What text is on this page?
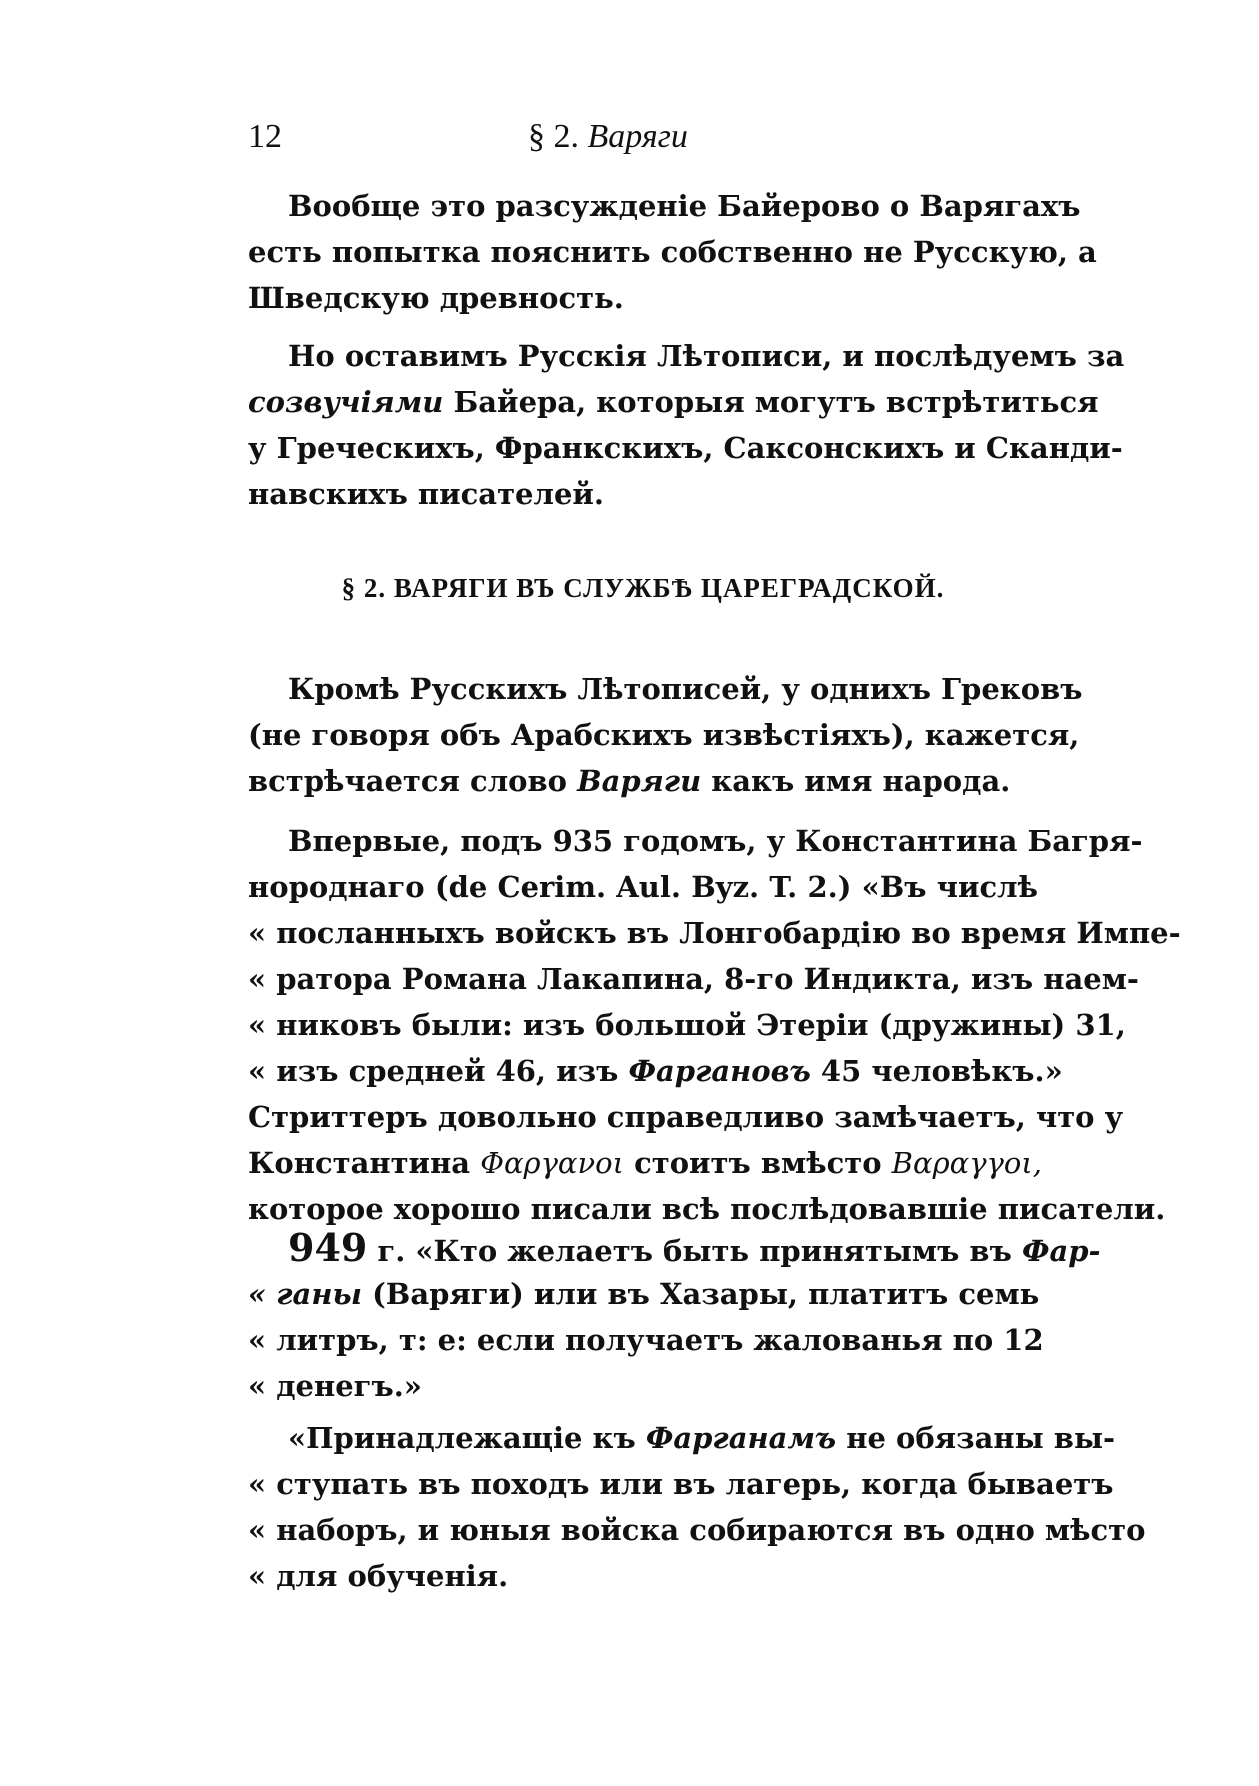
12	§ 2. Варяги
Вообще это разсужденіе Байерово о Варягахъ
есть попытка пояснить собственно не Русскую, а
Шведскую древность.
Но оставимъ Русскія Лѣтописи, и послѣдуемъ за
созвучіями Байера, которыя могутъ встрѣтиться
у Греческихъ, Франкскихъ, Саксонскихъ и Сканди-
навскихъ писателей.
§ 2. ВАРЯГИ ВЪ СЛУЖБѢ ЦАРЕГРАДСКОЙ.
Кромѣ Русскихъ Лѣтописей, у однихъ Грековъ
(не говоря объ Арабскихъ извѣстіяхъ), кажется,
встрѣчается слово Варяги какъ имя народа.
Впервые, подъ 935 годомъ, у Константина Багря-
нороднаго (de Cerim. Aul. Byz. T. 2.) «Въ числѣ
« посланныхъ войскъ въ Лонгобардію во время Импе-
« ратора Романа Лакапина, 8-го Индикта, изъ наем-
« никовъ были: изъ большой Этеріи (дружины) 31,
« изъ средней 46, изъ Фаргановъ 45 человѣкъ.»
Стриттеръ довольно справедливо замѣчаетъ, что у
Константина Φαργανοι стоитъ вмѣсто Βαραγγοι,
которое хорошо писали всѣ послѣдовавшіе писатели.
949 г. «Кто желаетъ быть принятымъ въ Фар-
« ганы (Варяги) или въ Хазары, платитъ семь
« литръ, т: е: если получаетъ жалованья по 12
« денегъ.»
«Принадлежащіе къ Фарганамъ не обязаны вы-
« ступать въ походъ или въ лагерь, когда бываетъ
« наборъ, и юныя войска собираются въ одно мѣсто
« для обученія.
